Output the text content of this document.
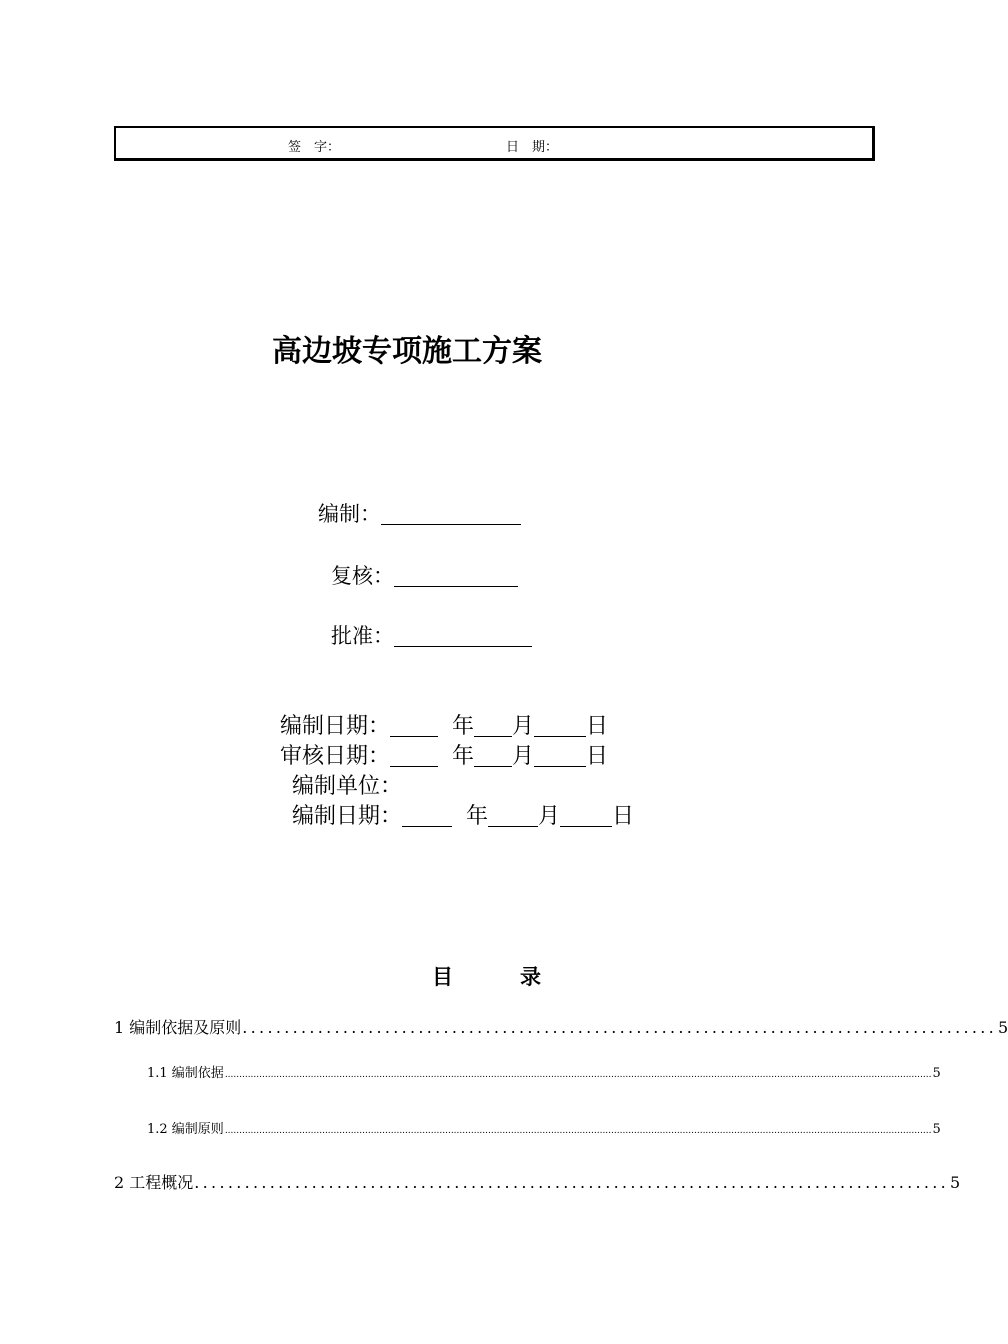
签　字：	日　期：
高边坡专项施工方案
编制：
复核：
批准：
编制日期：	年 月 日
审核日期：	年 月 日
编制单位：
编制日期：	年 月 日
目	录
1 编制依据及原则 .......................................................................................... 5
1.1 编制依据 ....................................................................................................................................................................................................................................................... 5
1.2 编制原则 ....................................................................................................................................................................................................................................................... 5
2 工程概况 .......................................................................................... 5
